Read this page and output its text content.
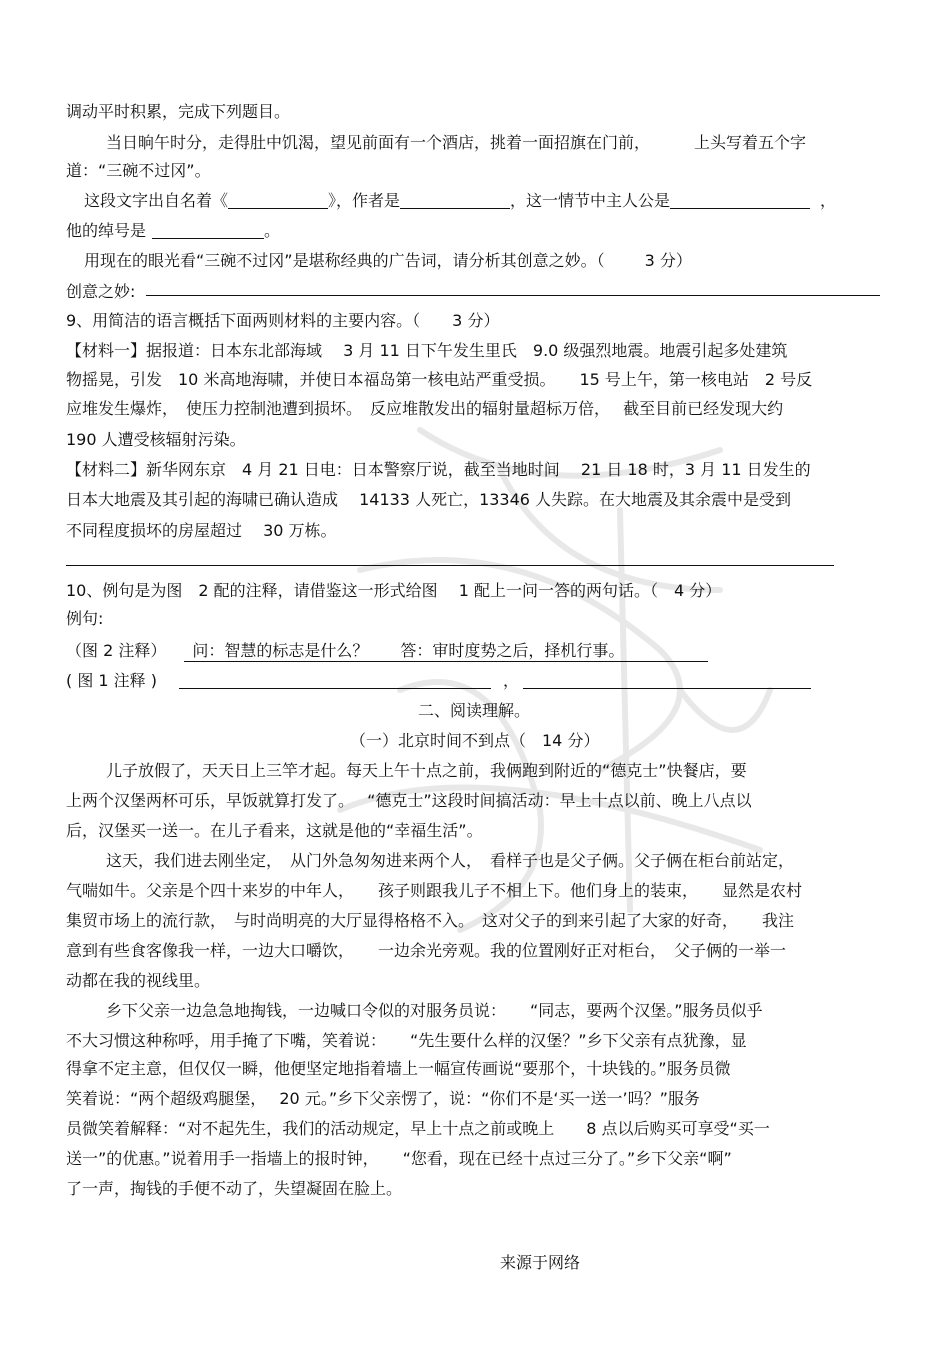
调动平时积累，完成下列题目。
当日晌午时分，走得肚中饥渴，望见前面有一个酒店，挑着一面招旗在门前，	上头写着五个字
道：“三碗不过冈”。
这段文字出自名着《	》，作者是	，这一情节中主人公是	，
他的绰号是	。
用现在的眼光看“三碗不过冈”是堪称经典的广告词，请分析其创意之妙。（	3 分）
创意之妙:
9、用简洁的语言概括下面两则材料的主要内容。（　　3 分）
【材料一】据报道：日本东北部海域　 3 月 11 日下午发生里氏　9.0 级强烈地震。地震引起多处建筑
物摇晃，引发　10 米高地海啸，并使日本福岛第一核电站严重受损。　　15 号上午，第一核电站　2 号反
应堆发生爆炸，　使压力控制池遭到损坏。　反应堆散发出的辐射量超标万倍，　 截至目前已经发现大约
190 人遭受核辐射污染。
【材料二】新华网东京　4 月 21 日电：日本警察厅说，截至当地时间　 21 日 18 时，3 月 11 日发生的
日本大地震及其引起的海啸已确认造成　 14133 人死亡，13346 人失踪。在大地震及其余震中是受到
不同程度损坏的房屋超过　 30 万栋。
10、例句是为图　2 配的注释，请借鉴这一形式给图　 1 配上一问一答的两句话。（　4 分）
例句:
（图 2 注释） 问：智慧的标志是什么？　　答：审时度势之后，择机行事。
( 图 1 注释 )	，
二、阅读理解。
（一）北京时间不到点（　14 分）
儿子放假了，天天日上三竿才起。每天上午十点之前，我俩跑到附近的“德克士”快餐店，要
上两个汉堡两杯可乐，早饭就算打发了。　 “德克士”这段时间搞活动：早上十点以前、晚上八点以
后，汉堡买一送一。在儿子看来，这就是他的“幸福生活”。
这天，我们进去刚坐定，　从门外急匆匆进来两个人，　看样子也是父子俩。父子俩在柜台前站定，
气喘如牛。父亲是个四十来岁的中年人，　　孩子则跟我儿子不相上下。他们身上的装束，　　显然是农村
集贸市场上的流行款，　与时尚明亮的大厅显得格格不入。　这对父子的到来引起了大家的好奇，　　我注
意到有些食客像我一样，一边大口嚼饮，　　一边余光旁观。我的位置刚好正对柜台，　父子俩的一举一
动都在我的视线里。
乡下父亲一边急急地掏钱，一边喊口令似的对服务员说：　　“同志，要两个汉堡。”服务员似乎
不大习惯这种称呼，用手掩了下嘴，笑着说：　　“先生要什么样的汉堡？”乡下父亲有点犹豫，显
得拿不定主意，但仅仅一瞬，他便坚定地指着墙上一幅宣传画说“要那个，十块钱的。”服务员微
笑着说：“两个超级鸡腿堡，　 20 元。”乡下父亲愣了，说：“你们不是‘买一送一’吗？”服务
员微笑着解释：“对不起先生，我们的活动规定，早上十点之前或晚上　　8 点以后购买可享受“买一
送一”的优惠。”说着用手一指墙上的报时钟，　　“您看，现在已经十点过三分了。”乡下父亲“啊”
了一声，掏钱的手便不动了，失望凝固在脸上。
来源于网络
